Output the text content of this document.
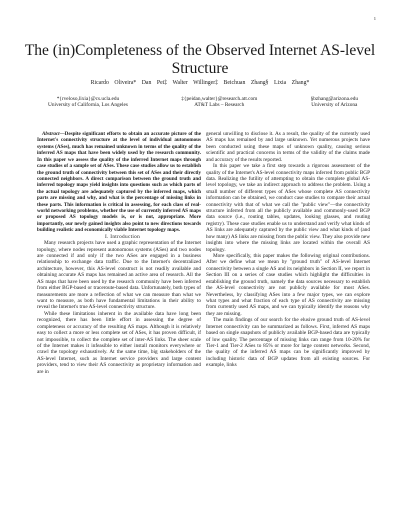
1
The (in)Completeness of the Observed Internet AS-level Structure
Ricardo Oliveira* Dan Pei‡ Walter Willinger‡ Beichuan Zhang§ Lixia Zhang*
*{rveloso,lixia}@cs.ucla.edu
University of California, Los Angeles
‡{peidan,walter}@research.att.com
AT&T Labs – Research
§bzhang@arizona.edu
University of Arizona

Abstract—Despite significant efforts to obtain an accurate picture of the Internet's connectivity structure at the level of individual autonomous systems (ASes), much has remained unknown in terms of the quality of the inferred AS maps that have been widely used by the research community. In this paper we assess the quality of the inferred Internet maps through case studies of a sample set of ASes. These case studies allow us to establish the ground truth of connectivity between this set of ASes and their directly connected neighbors. A direct comparison between the ground truth and inferred topology maps yield insights into questions such as which parts of the actual topology are adequately captured by the inferred maps, which parts are missing and why, and what is the percentage of missing links in these parts. This information is critical in assessing, for each class of real-world networking problems, whether the use of currently inferred AS maps or proposed AS topology models is, or is not, appropriate. More importantly, our newly gained insights also point to new directions towards building realistic and economically viable Internet topology maps.

I. Introduction

Many research projects have used a graphic representation of the Internet topology, where nodes represent autonomous systems (ASes) and two nodes are connected if and only if the two ASes are engaged in a business relationship to exchange data traffic. Due to the Internet's decentralized architecture, however, this AS-level construct is not readily available and obtaining accurate AS maps has remained an active area of research. All the AS maps that have been used by the research community have been inferred from either BGP-based or traceroute-based data. Unfortunately, both types of measurements are more a reflection of what we can measure than what we want to measure, as both have fundamental limitations in their ability to reveal the Internet's true AS-level connectivity structure.

While these limitations inherent in the available data have long been recognized, there has been little effort in assessing the degree of completeness or accuracy of the resulting AS maps. Although it is relatively easy to collect a more or less complete set of ASes, it has proven difficult, if not impossible, to collect the complete set of inter-AS links. The sheer scale of the Internet makes it infeasible to either install monitors everywhere or crawl the topology exhaustively. At the same time, big stakeholders of the AS-level Internet, such as Internet service providers and large content providers, tend to view their AS connectivity as proprietary information and are in

general unwilling to disclose it. As a result, the quality of the currently used AS maps has remained by and large unknown. Yet numerous projects have been conducted using these maps of unknown quality, causing serious scientific and practical concerns in terms of the validity of the claims made and accuracy of the results reported.

In this paper we take a first step towards a rigorous assessment of the quality of the Internet's AS-level connectivity maps inferred from public BGP data. Realizing the futility of attempting to obtain the complete global AS-level topology, we take an indirect approach to address the problem. Using a small number of different types of ASes whose complete AS connectivity information can be obtained, we conduct case studies to compare their actual connectivity with that of what we call the "public view"—the connectivity structure inferred from all the publicly available and commonly-used BGP data source (i.e., routing tables, updates, looking glasses, and routing registry). These case studies enable us to understand and verify what kinds of AS links are adequately captured by the public view and what kinds of (and how many) AS links are missing from the public view. They also provide new insights into where the missing links are located within the overall AS topology.

More specifically, this paper makes the following original contributions. After we define what we mean by "ground truth" of AS-level Internet connectivity between a single AS and its neighbors in Section II, we report in Section III on a series of case studies which highlight the difficulties in establishing the ground truth, namely the data sources necessary to establish the AS-level connectivity are not publicly available for most ASes. Nevertheless, by classifying ASes into a few major types, we can explore what types and what fraction of each type of AS connectivity are missing from currently used AS maps, and we can typically identify the reasons why they are missing.

The main findings of our search for the elusive ground truth of AS-level Internet connectivity can be summarized as follows. First, inferred AS maps based on single snapshots of publicly available BGP-based data are typically of low quality. The percentage of missing links can range from 10-20% for Tier-1 and Tier-2 ASes to 85% or more for large content networks. Second, the quality of the inferred AS maps can be significantly improved by including historic data of BGP updates from all existing sources. For example, links
